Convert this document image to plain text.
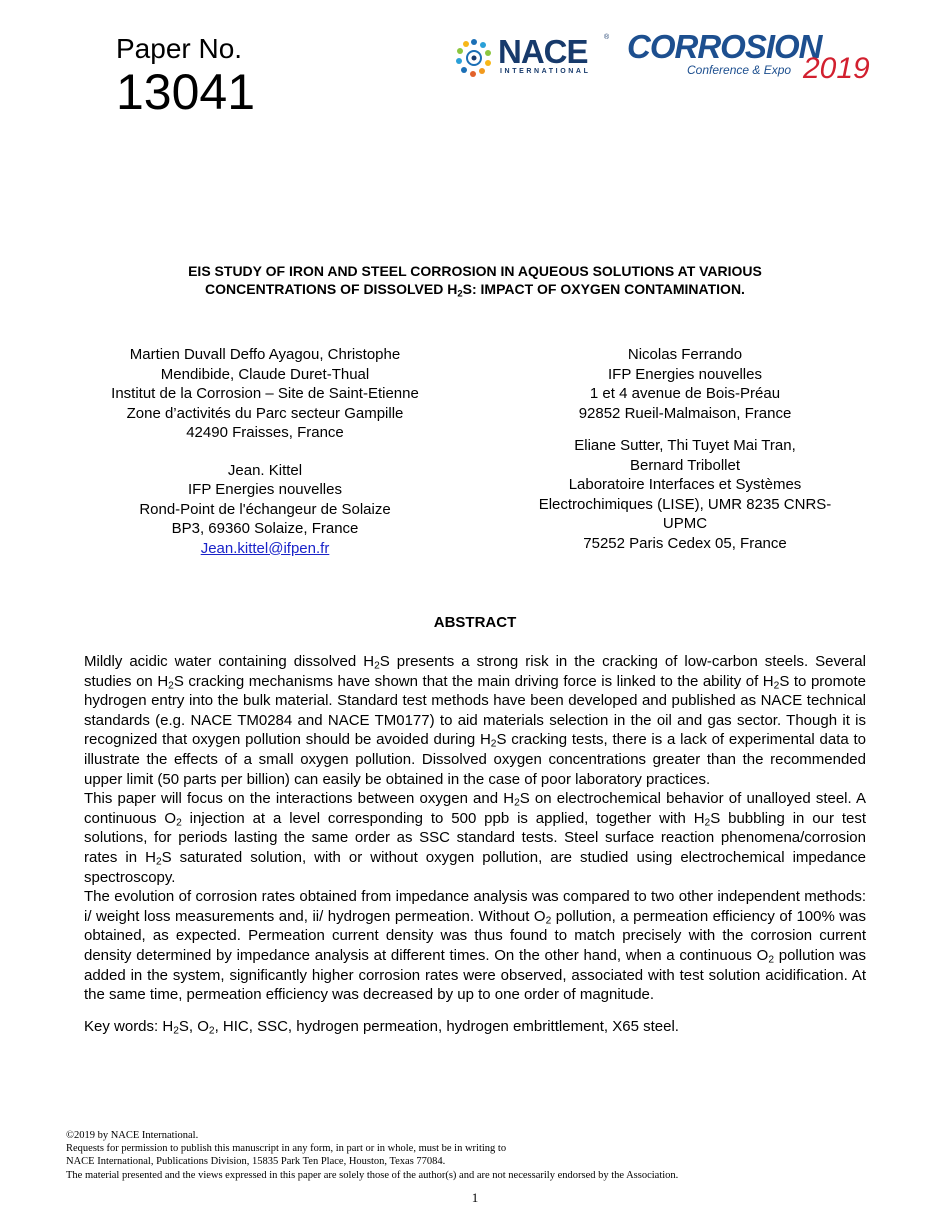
Paper No.
13041
NACE ®
INTERNATIONAL
CORROSION
Conference & Expo 2019
EIS STUDY OF IRON AND STEEL CORROSION IN AQUEOUS SOLUTIONS AT VARIOUS
CONCENTRATIONS OF DISSOLVED $H_2S$: IMPACT OF OXYGEN CONTAMINATION.
Martien Duvall Deffo Ayagou, Christophe
Mendibide, Claude Duret-Thual
Institut de la Corrosion – Site de Saint-Etienne
Zone d’activités du Parc secteur Gampille
42490 Fraisses, France
Jean. Kittel
IFP Energies nouvelles
Rond-Point de l'échangeur de Solaize
BP3, 69360 Solaize, France
Jean.kittel@ifpen.fr
Nicolas Ferrando
IFP Energies nouvelles
1 et 4 avenue de Bois-Préau
92852 Rueil-Malmaison, France
Eliane Sutter, Thi Tuyet Mai Tran,
Bernard Tribollet
Laboratoire Interfaces et Systèmes
Electrochimiques (LISE), UMR 8235 CNRS-
UPMC
75252 Paris Cedex 05, France
ABSTRACT

Mildly acidic water containing dissolved $H_2S$ presents a strong risk in the cracking of low-carbon steels. Several studies on $H_2S$ cracking mechanisms have shown that the main driving force is linked to the ability of $H_2S$ to promote hydrogen entry into the bulk material. Standard test methods have been developed and published as NACE technical standards (e.g. NACE TM0284 and NACE TM0177) to aid materials selection in the oil and gas sector. Though it is recognized that oxygen pollution should be avoided during $H_2S$ cracking tests, there is a lack of experimental data to illustrate the effects of a small oxygen pollution. Dissolved oxygen concentrations greater than the recommended upper limit (50 parts per billion) can easily be obtained in the case of poor laboratory practices.

This paper will focus on the interactions between oxygen and $H_2S$ on electrochemical behavior of unalloyed steel. A continuous $O_2$ injection at a level corresponding to 500 ppb is applied, together with $H_2S$ bubbling in our test solutions, for periods lasting the same order as SSC standard tests. Steel surface reaction phenomena/corrosion rates in $H_2S$ saturated solution, with or without oxygen pollution, are studied using electrochemical impedance spectroscopy.

The evolution of corrosion rates obtained from impedance analysis was compared to two other independent methods: i/ weight loss measurements and, ii/ hydrogen permeation. Without $O_2$ pollution, a permeation efficiency of 100% was obtained, as expected. Permeation current density was thus found to match precisely with the corrosion current density determined by impedance analysis at different times. On the other hand, when a continuous $O_2$ pollution was added in the system, significantly higher corrosion rates were observed, associated with test solution acidification. At the same time, permeation efficiency was decreased by up to one order of magnitude.

Key words: $H_2S$, $O_2$, HIC, SSC, hydrogen permeation, hydrogen embrittlement, X65 steel.

©2019 by NACE International.
Requests for permission to publish this manuscript in any form, in part or in whole, must be in writing to
NACE International, Publications Division, 15835 Park Ten Place, Houston, Texas 77084.
The material presented and the views expressed in this paper are solely those of the author(s) and are not necessarily endorsed by the Association.
1
